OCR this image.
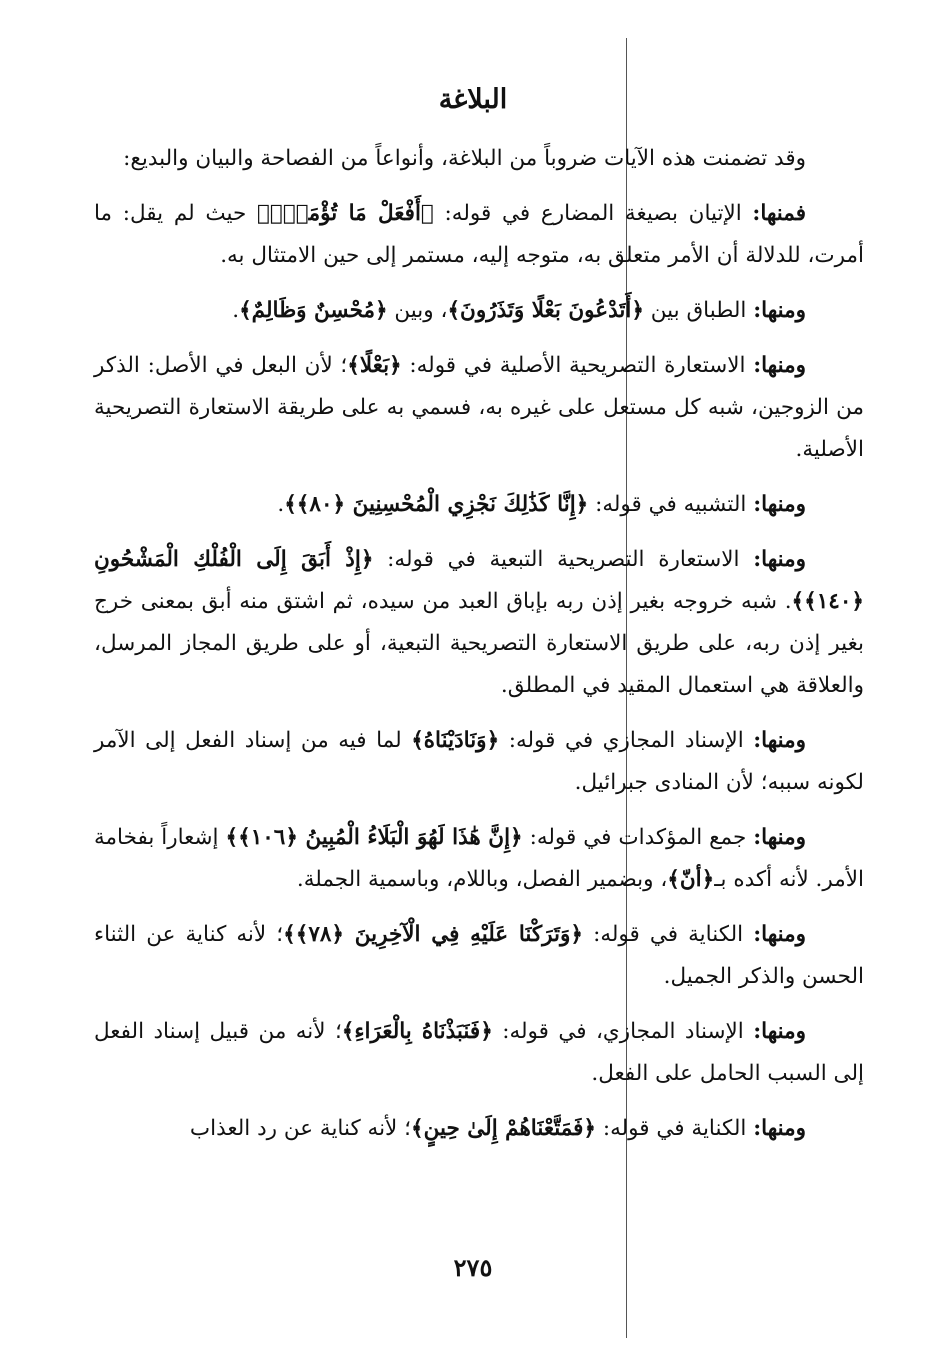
البلاغة

وقد تضمنت هذه الآيات ضروباً من البلاغة، وأنواعاً من الفصاحة والبيان والبديع:

فمنها: الإتيان بصيغة المضارع في قوله: ﴿أَفْعَلْ مَا تُؤْمَرُۖ﴾ حيث لم يقل: ما أمرت، للدلالة أن الأمر متعلق به، متوجه إليه، مستمر إلى حين الامتثال به.

ومنها: الطباق بين ﴿أَتَدْعُونَ بَعْلًا وَتَذَرُونَ﴾، وبين ﴿مُحْسِنٌ وَظَالِمٌ﴾.

ومنها: الاستعارة التصريحية الأصلية في قوله: ﴿بَعْلًا﴾؛ لأن البعل في الأصل: الذكر من الزوجين، شبه كل مستعل على غيره به، فسمي به على طريقة الاستعارة التصريحية الأصلية.

ومنها: التشبيه في قوله: ﴿إِنَّا كَذَٰلِكَ نَجْزِي الْمُحْسِنِينَ ﴿٨٠﴾﴾.

ومنها: الاستعارة التصريحية التبعية في قوله: ﴿إِذْ أَبَقَ إِلَى الْفُلْكِ الْمَشْحُونِ ﴿١٤٠﴾﴾. شبه خروجه بغير إذن ربه بإباق العبد من سيده، ثم اشتق منه أبق بمعنى خرج بغير إذن ربه، على طريق الاستعارة التصريحية التبعية، أو على طريق المجاز المرسل، والعلاقة هي استعمال المقيد في المطلق.

ومنها: الإسناد المجازي في قوله: ﴿وَنَادَيْنَاهُ﴾ لما فيه من إسناد الفعل إلى الآمر لكونه سببه؛ لأن المنادى جبرائيل.

ومنها: جمع المؤكدات في قوله: ﴿إِنَّ هَٰذَا لَهُوَ الْبَلَاءُ الْمُبِينُ ﴿١٠٦﴾﴾ إشعاراً بفخامة الأمر. لأنه أكده بـ﴿أنّ﴾، وبضمير الفصل، وباللام، وباسمية الجملة.

ومنها: الكناية في قوله: ﴿وَتَرَكْنَا عَلَيْهِ فِي الْآخِرِينَ ﴿٧٨﴾﴾؛ لأنه كناية عن الثناء الحسن والذكر الجميل.

ومنها: الإسناد المجازي، في قوله: ﴿فَنَبَذْنَاهُ بِالْعَرَاءِ﴾؛ لأنه من قبيل إسناد الفعل إلى السبب الحامل على الفعل.

ومنها: الكناية في قوله: ﴿فَمَتَّعْنَاهُمْ إِلَىٰ حِينٍ﴾؛ لأنه كناية عن رد العذاب

٢٧٥
